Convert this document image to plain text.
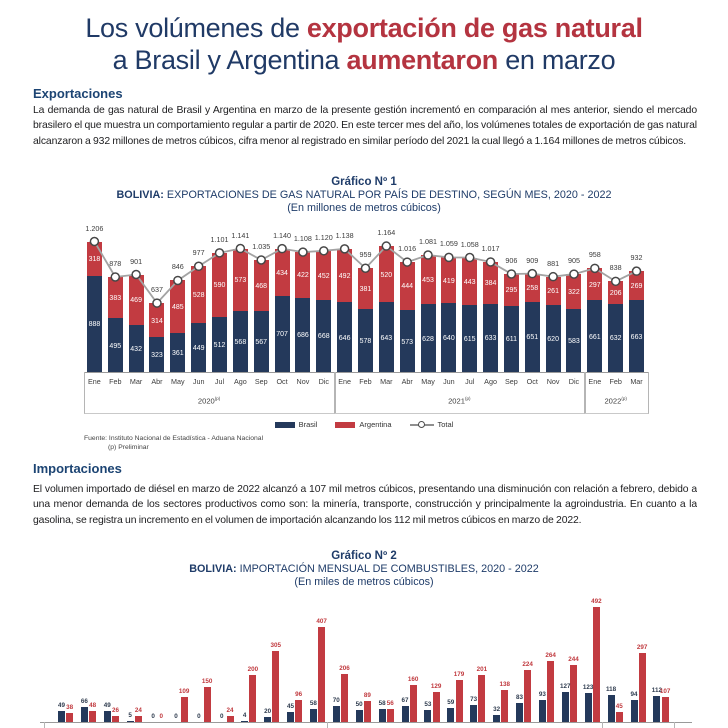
Los volúmenes de exportación de gas natural
a Brasil y Argentina aumentaron en marzo
Exportaciones
La demanda de gas natural de Brasil y Argentina en marzo de la presente gestión incrementó en comparación al mes anterior, siendo el mercado brasilero el que muestra un comportamiento regular a partir de 2020. En este tercer mes del año, los volúmenes totales de exportación de gas natural alcanzaron a 932 millones de metros cúbicos, cifra menor al registrado en similar período del 2021 la cual llegó a 1.164 millones de metros cúbicos.
Gráfico Nº 1
BOLIVIA: EXPORTACIONES DE GAS NATURAL POR PAÍS DE DESTINO, SEGÚN MES, 2020 - 2022
(En millones de metros cúbicos)
888
318
1.206
495
383
878
432
469
901
323
314
637
361
485
846
449
528
977
512
590
1.101
568
573
1.141
567
468
1.035
707
434
1.140
686
422
1.108
668
452
1.120
646
492
1.138
578
381
959
643
520
1.164
573
444
1.016
628
453
1.081
640
419
1.059
615
443
1.058
633
384
1.017
611
295
906
651
258
909
620
261
881
583
322
905
661
297
958
632
206
838
663
269
932
Ene	Feb	Mar	Abr	May	Jun	Jul	Ago	Sep	Oct	Nov	Dic
2020$^{(p)}$
Ene	Feb	Mar	Abr	May	Jun	Jul	Ago	Sep	Oct	Nov	Dic
2021$^{(p)}$
Ene	Feb	Mar
2022$^{(p)}$
Brasil	Argentina	Total
Fuente: Instituto Nacional de Estadística - Aduana Nacional
(p) Preliminar
Importaciones
El volumen importado de diésel en marzo de 2022 alcanzó a 107 mil metros cúbicos, presentando una disminución con relación a febrero, debido a una menor demanda de los sectores productivos como son: la minería, transporte, construcción y principalmente la agroindustria. En cuanto a la gasolina, se registra un incremento en el volumen de importación alcanzando los 112 mil metros cúbicos en marzo de 2022.
Gráfico Nº 2
BOLIVIA: IMPORTACIÓN MENSUAL DE COMBUSTIBLES, 2020 - 2022
(En miles de metros cúbicos)
49 38
66
48	49
26
5
24
0 0	0
109
0
150
0
24
4
200
20
305
45
96
58
407
70
206
50
89
58 56	67
160
53
129
59
179
73
201
32
138
83
224
93
264
127
244
123
492
118
45
94
297
112
107
